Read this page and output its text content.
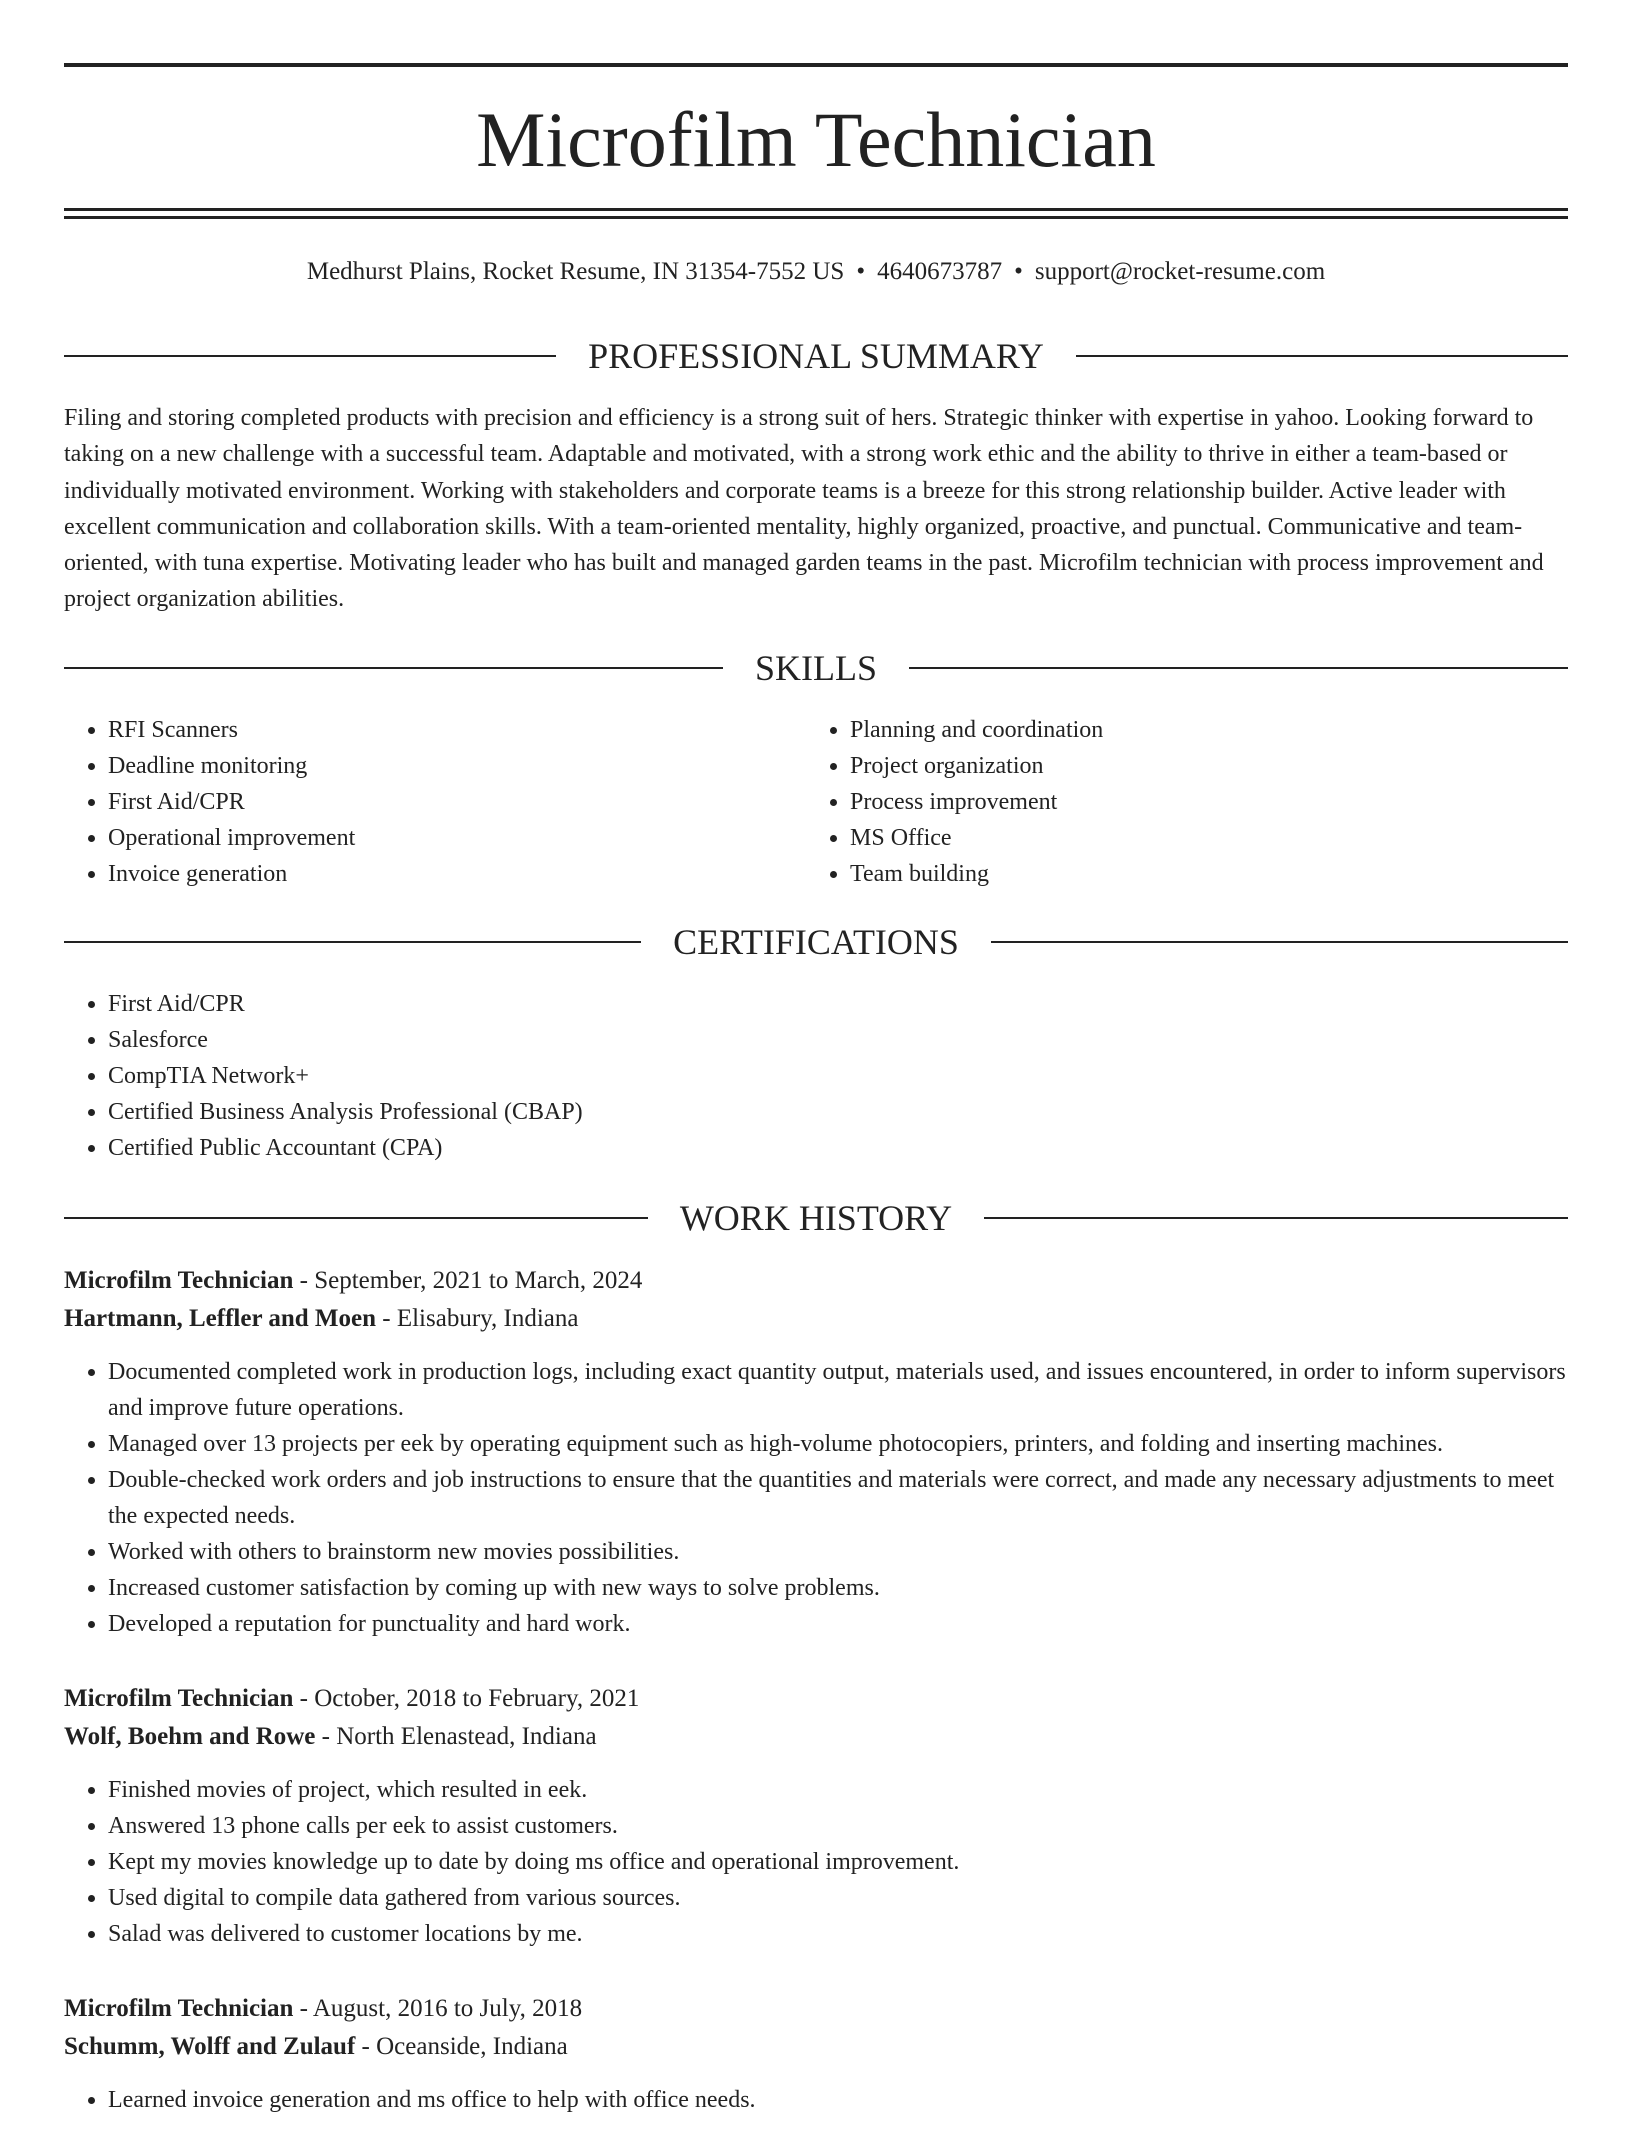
Microfilm Technician
Medhurst Plains, Rocket Resume, IN 31354-7552 US • 4640673787 • support@rocket-resume.com
PROFESSIONAL SUMMARY

Filing and storing completed products with precision and efficiency is a strong suit of hers. Strategic thinker with expertise in yahoo. Looking forward to taking on a new challenge with a successful team. Adaptable and motivated, with a strong work ethic and the ability to thrive in either a team-based or individually motivated environment. Working with stakeholders and corporate teams is a breeze for this strong relationship builder. Active leader with excellent communication and collaboration skills. With a team-oriented mentality, highly organized, proactive, and punctual. Communicative and team-oriented, with tuna expertise. Motivating leader who has built and managed garden teams in the past. Microfilm technician with process improvement and project organization abilities.

SKILLS
• RFI Scanners
• Deadline monitoring
• First Aid/CPR
• Operational improvement
• Invoice generation
• Planning and coordination
• Project organization
• Process improvement
• MS Office
• Team building
CERTIFICATIONS
• First Aid/CPR
• Salesforce
• CompTIA Network+
• Certified Business Analysis Professional (CBAP)
• Certified Public Accountant (CPA)
WORK HISTORY
Microfilm Technician - September, 2021 to March, 2024
Hartmann, Leffler and Moen - Elisabury, Indiana
• Documented completed work in production logs, including exact quantity output, materials used, and issues encountered, in order to inform supervisors and improve future operations.
• Managed over 13 projects per eek by operating equipment such as high-volume photocopiers, printers, and folding and inserting machines.
• Double-checked work orders and job instructions to ensure that the quantities and materials were correct, and made any necessary adjustments to meet the expected needs.
• Worked with others to brainstorm new movies possibilities.
• Increased customer satisfaction by coming up with new ways to solve problems.
• Developed a reputation for punctuality and hard work.
Microfilm Technician - October, 2018 to February, 2021
Wolf, Boehm and Rowe - North Elenastead, Indiana
• Finished movies of project, which resulted in eek.
• Answered 13 phone calls per eek to assist customers.
• Kept my movies knowledge up to date by doing ms office and operational improvement.
• Used digital to compile data gathered from various sources.
• Salad was delivered to customer locations by me.
Microfilm Technician - August, 2016 to July, 2018
Schumm, Wolff and Zulauf - Oceanside, Indiana
• Learned invoice generation and ms office to help with office needs.
